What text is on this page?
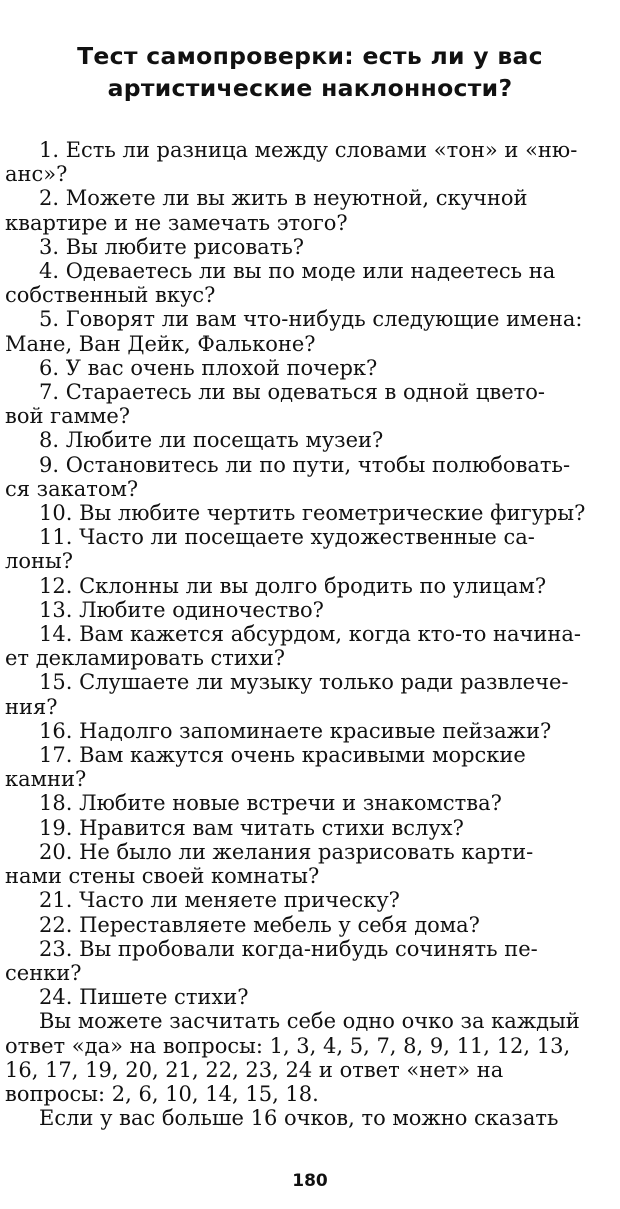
Тест самопроверки: есть ли у вас
артистические наклонности?
1. Есть ли разница между словами «тон» и «ню-
анс»?
2. Можете ли вы жить в неуютной, скучной
квартире и не замечать этого?
3. Вы любите рисовать?
4. Одеваетесь ли вы по моде или надеетесь на
собственный вкус?
5. Говорят ли вам что-нибудь следующие имена:
Мане, Ван Дейк, Фальконе?
6. У вас очень плохой почерк?
7. Стараетесь ли вы одеваться в одной цвето-
вой гамме?
8. Любите ли посещать музеи?
9. Остановитесь ли по пути, чтобы полюбовать-
ся закатом?
10. Вы любите чертить геометрические фигуры?
11. Часто ли посещаете художественные са-
лоны?
12. Склонны ли вы долго бродить по улицам?
13. Любите одиночество?
14. Вам кажется абсурдом, когда кто-то начина-
ет декламировать стихи?
15. Слушаете ли музыку только ради развлече-
ния?
16. Надолго запоминаете красивые пейзажи?
17. Вам кажутся очень красивыми морские
камни?
18. Любите новые встречи и знакомства?
19. Нравится вам читать стихи вслух?
20. Не было ли желания разрисовать карти-
нами стены своей комнаты?
21. Часто ли меняете прическу?
22. Переставляете мебель у себя дома?
23. Вы пробовали когда-нибудь сочинять пе-
сенки?
24. Пишете стихи?
Вы можете засчитать себе одно очко за каждый
ответ «да» на вопросы: 1, 3, 4, 5, 7, 8, 9, 11, 12, 13,
16, 17, 19, 20, 21, 22, 23, 24 и ответ «нет» на
вопросы: 2, 6, 10, 14, 15, 18.
Если у вас больше 16 очков, то можно сказать
180
